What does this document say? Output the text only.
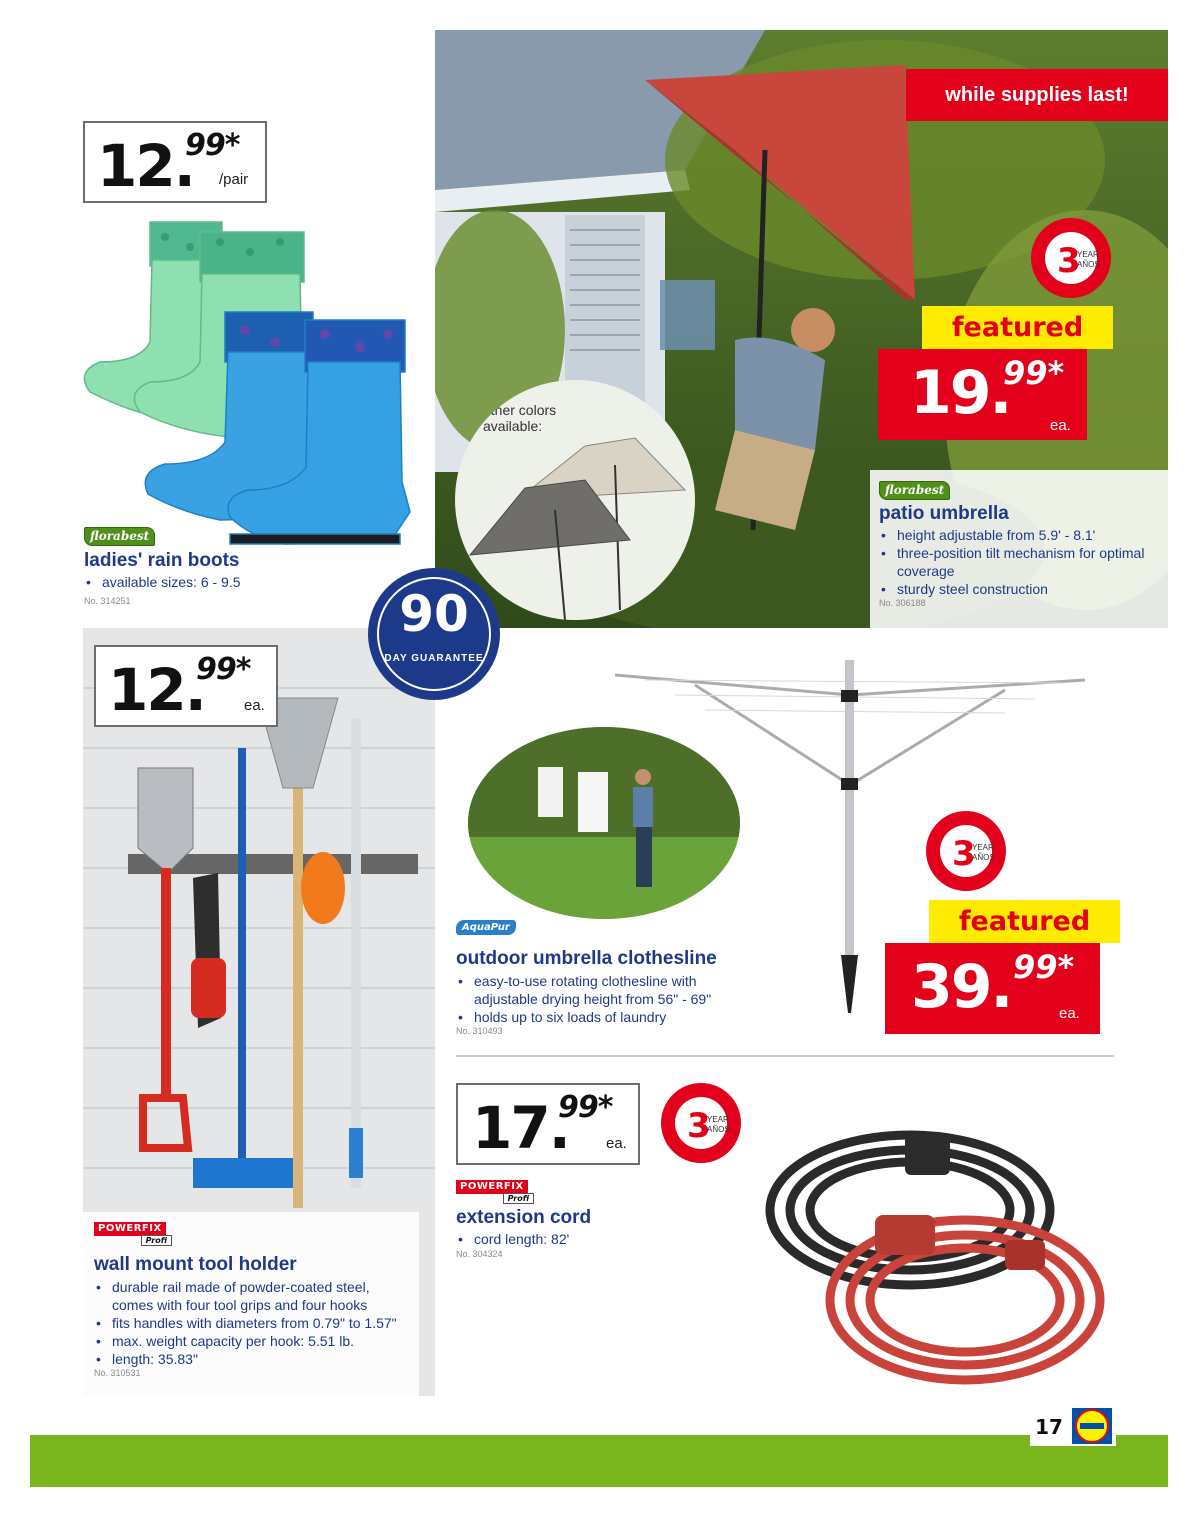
12.
99*
/pair
florabest
ladies' rain boots
• available sizes: 6 - 9.5
No. 314251
other colors available:
while supplies last!
3
YEAR
AÑOS
featured
19.
99*
ea.
florabest
patio umbrella
• height adjustable from 5.9' - 8.1'
• three-position tilt mechanism for optimal coverage
• sturdy steel construction
No. 306188
12.
99*
ea.
POWERFIX
Profi
wall mount tool holder
• durable rail made of powder-coated steel, comes with four tool grips and four hooks
• fits handles with diameters from 0.79" to 1.57"
• max. weight capacity per hook: 5.51 lb.
• length: 35.83"
No. 310531
90
DAY GUARANTEE
3
YEAR
AÑOS
featured
39. 99*
ea.
AquaPur
outdoor umbrella clothesline
• easy-to-use rotating clothesline with adjustable drying height from 56" - 69"
• holds up to six loads of laundry
No. 310493
17.
99*
ea. 3
YEAR
AÑOS
POWERFIX
Profi
extension cord
• cord length: 82'
No. 304324
17
